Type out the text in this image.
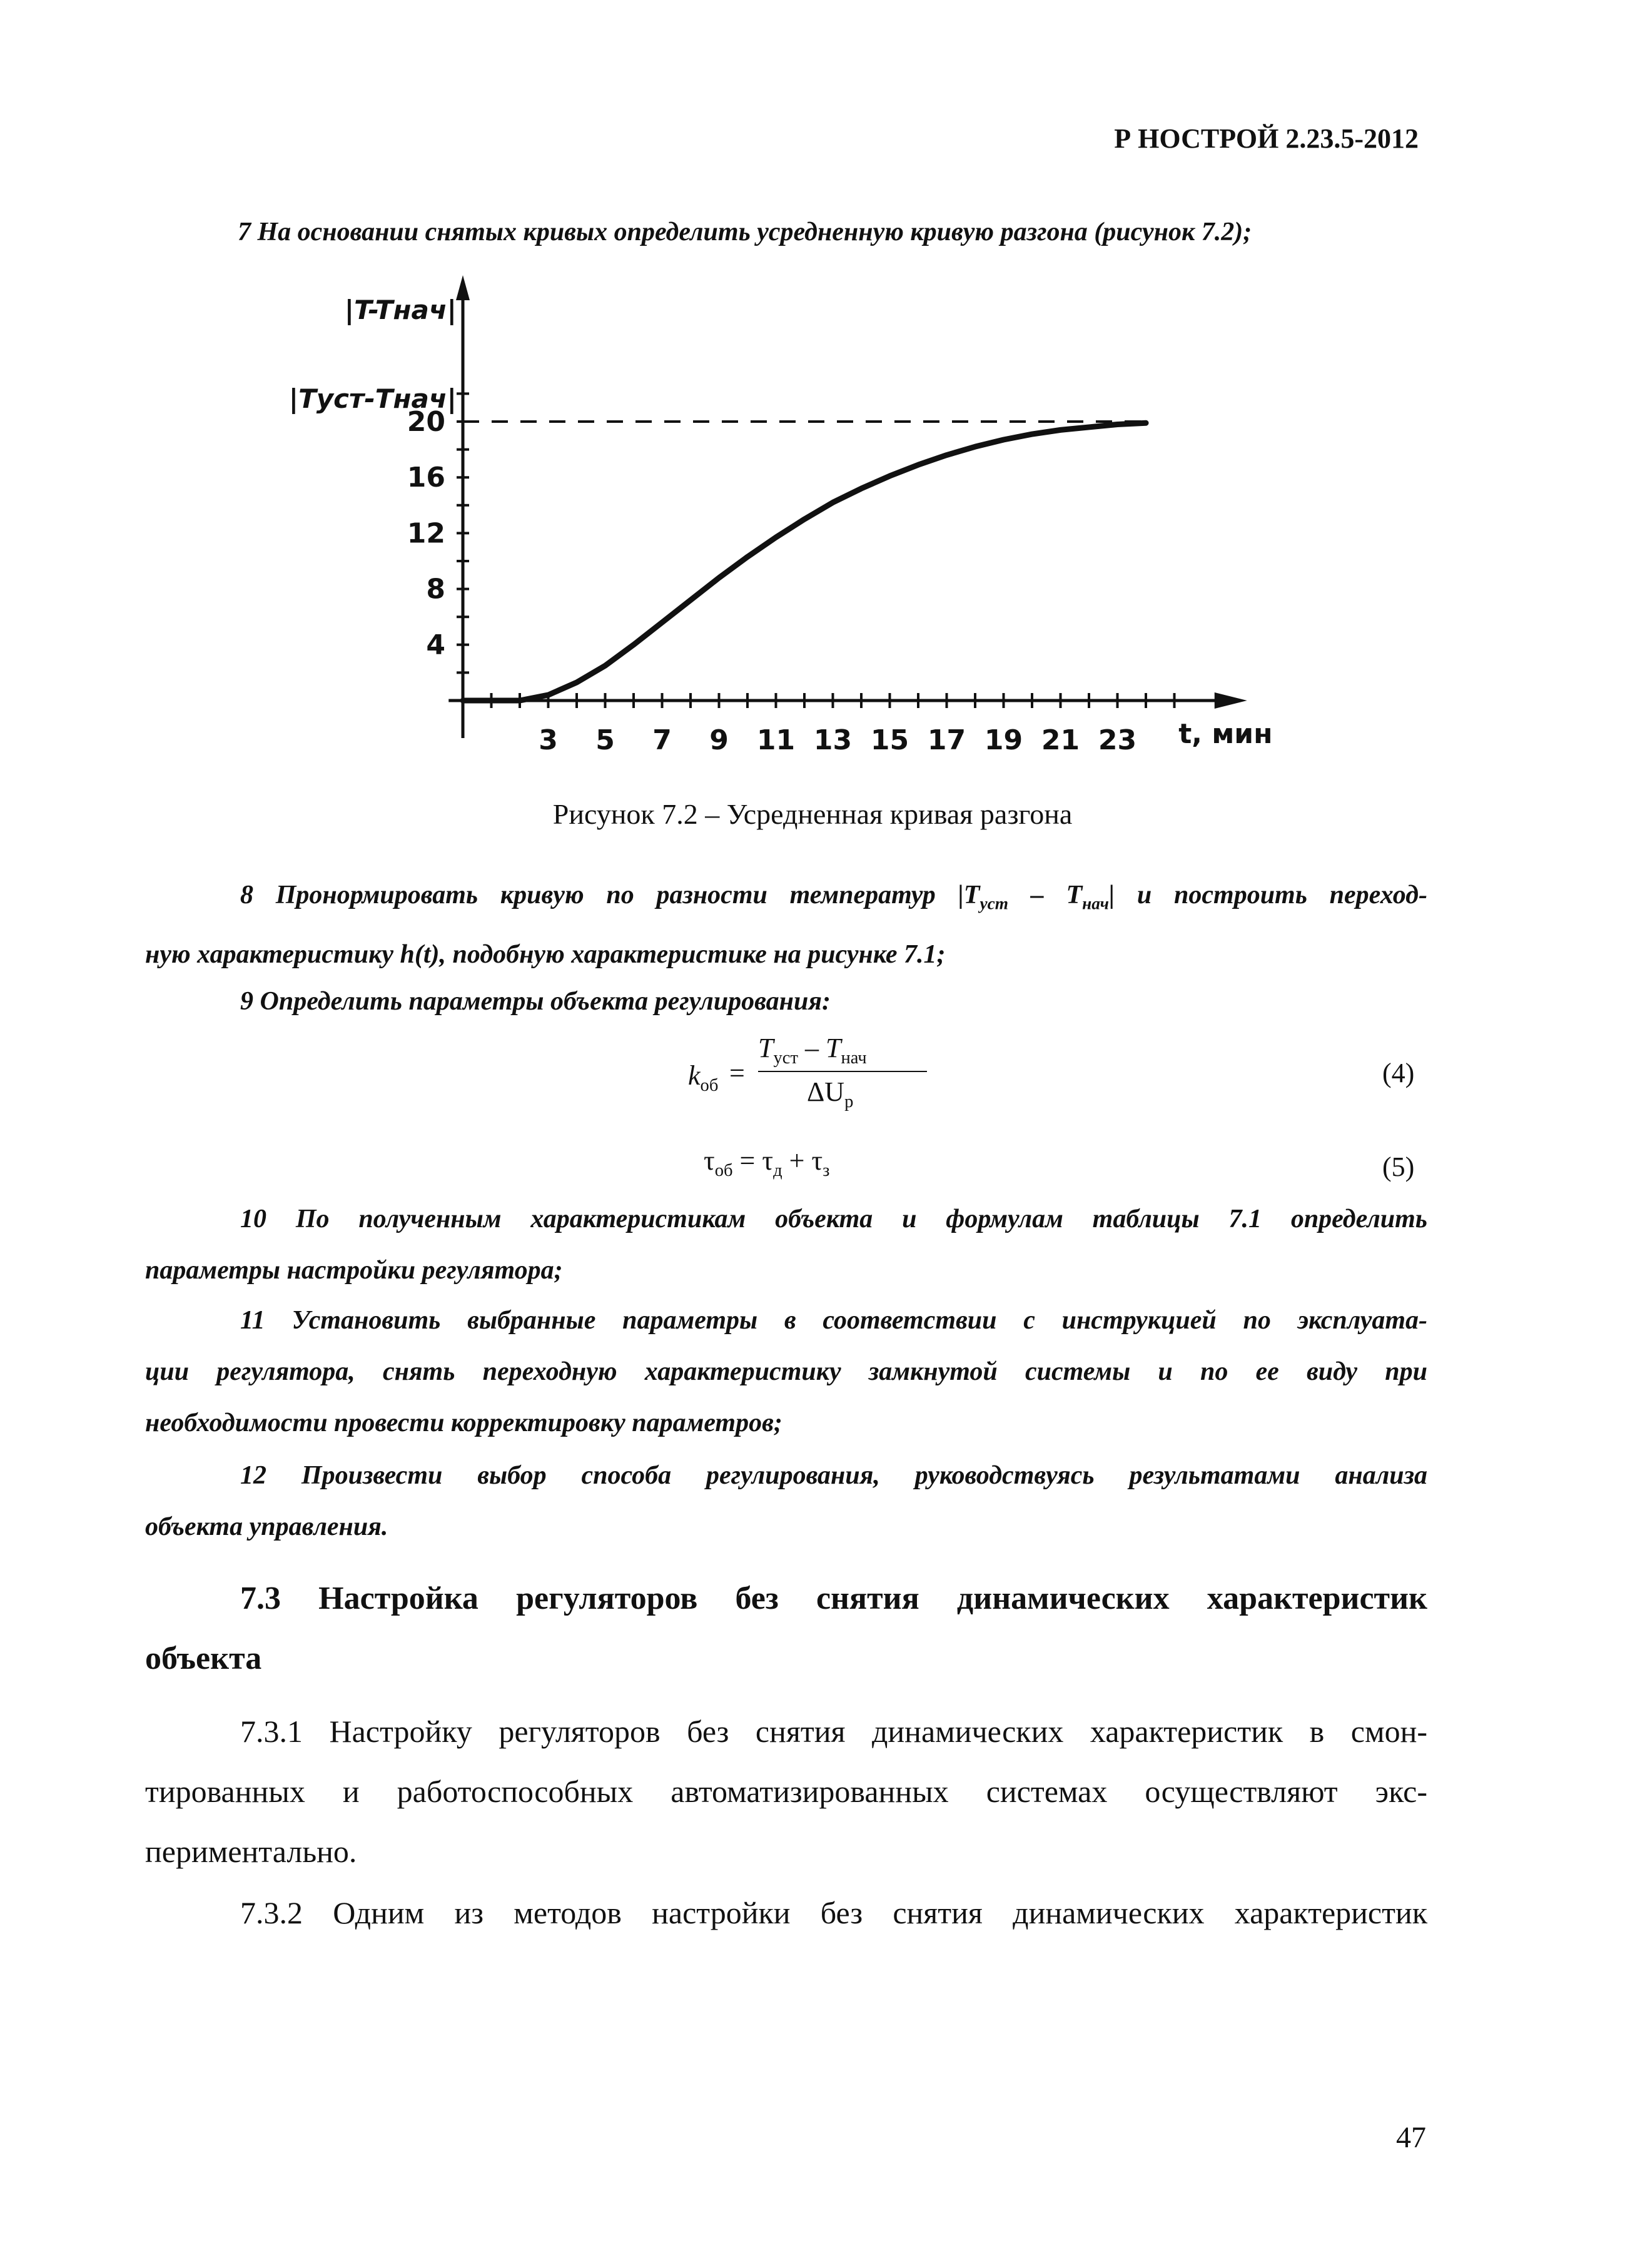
Р НОСТРОЙ 2.23.5-2012
7 На основании снятых кривых определить усредненную кривую разгона (рисунок 7.2);
4
8
12
16
20
3 5 7 9 11 13 15 17 19 21 23
|T-Tнач|
|Tуст-Tнач|
t, мин
Рисунок 7.2 – Усредненная кривая разгона
8 Пронормировать кривую по разности температур $|T_{уст} - T_{нач}|$ и построить переход-
ную характеристику h(t), подобную характеристике на рисунке 7.1;
9 Определить параметры объекта регулирования:
$k_{об}$ =
$T_{уст} - T_{нач}$
$\Delta U_р$
(4)
$\tau_{об} = \tau_д + \tau_з$	(5)
10 По полученным характеристикам объекта и формулам таблицы 7.1 определить
параметры настройки регулятора;
11 Установить выбранные параметры в соответствии с инструкцией по эксплуата-
ции регулятора, снять переходную характеристику замкнутой системы и по ее виду при
необходимости провести корректировку параметров;
12 Произвести выбор способа регулирования, руководствуясь результатами анализа
объекта управления.
7.3 Настройка регуляторов без снятия динамических характеристик
объекта
7.3.1 Настройку регуляторов без снятия динамических характеристик в смон-
тированных и работоспособных автоматизированных системах осуществляют экс-
периментально.
7.3.2 Одним из методов настройки без снятия динамических характеристик
47
